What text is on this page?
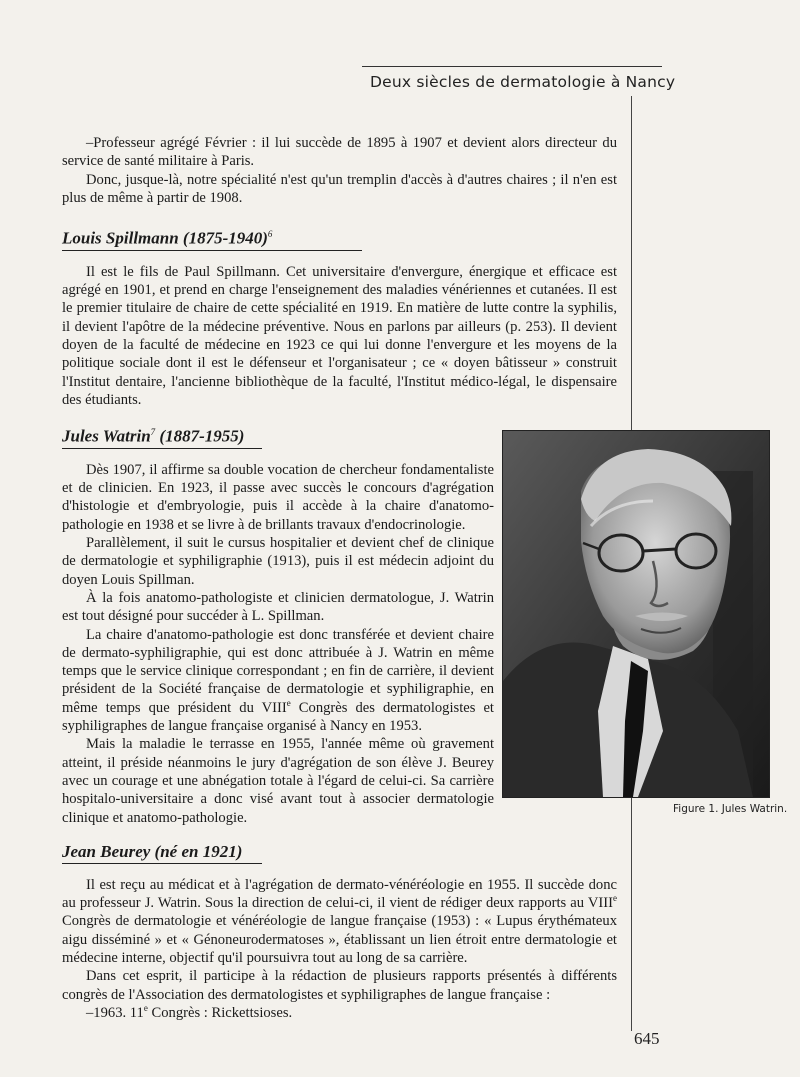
Deux siècles de dermatologie à Nancy

–Professeur agrégé Février : il lui succède de 1895 à 1907 et devient alors directeur du service de santé militaire à Paris.

Donc, jusque-là, notre spécialité n'est qu'un tremplin d'accès à d'autres chaires ; il n'en est plus de même à partir de 1908.

Louis Spillmann (1875-1940)$^6$

Il est le fils de Paul Spillmann. Cet universitaire d'envergure, énergique et efficace est agrégé en 1901, et prend en charge l'enseignement des maladies vénériennes et cutanées. Il est le premier titulaire de chaire de cette spécialité en 1919. En matière de lutte contre la syphilis, il devient l'apôtre de la médecine préventive. Nous en parlons par ailleurs (p. 253). Il devient doyen de la faculté de médecine en 1923 ce qui lui donne l'envergure et les moyens de la politique sociale dont il est le défenseur et l'organisateur ; ce « doyen bâtisseur » construit l'Institut dentaire, l'ancienne bibliothèque de la faculté, l'Institut médico-légal, le dispensaire des étudiants.

Jules Watrin$^7$ (1887-1955)

Dès 1907, il affirme sa double vocation de chercheur fondamentaliste et de clinicien. En 1923, il passe avec succès le concours d'agrégation d'histologie et d'embryologie, puis il accède à la chaire d'anatomo-pathologie en 1938 et se livre à de brillants travaux d'endocrinologie.

Parallèlement, il suit le cursus hospitalier et devient chef de clinique de dermatologie et syphiligraphie (1913), puis il est médecin adjoint du doyen Louis Spillman.

À la fois anatomo-pathologiste et clinicien dermatologue, J. Watrin est tout désigné pour succéder à L. Spillman.

La chaire d'anatomo-pathologie est donc transférée et devient chaire de dermato-syphiligraphie, qui est donc attribuée à J. Watrin en même temps que le service clinique correspondant ; en fin de carrière, il devient président de la Société française de dermatologie et syphiligraphie, en même temps que président du VIIIe Congrès des dermatologistes et syphiligraphes de langue française organisé à Nancy en 1953.

Mais la maladie le terrasse en 1955, l'année même où gravement atteint, il préside néanmoins le jury d'agrégation de son élève J. Beurey avec un courage et une abnégation totale à l'égard de celui-ci. Sa carrière hospitalo-universitaire a donc visé avant tout à associer dermatologie clinique et anatomo-pathologie.

Jean Beurey (né en 1921)

Il est reçu au médicat et à l'agrégation de dermato-vénéréologie en 1955. Il succède donc au professeur J. Watrin. Sous la direction de celui-ci, il vient de rédiger deux rapports au VIIIe Congrès de dermatologie et vénéréologie de langue française (1953) : « Lupus érythémateux aigu disséminé » et « Génoneurodermatoses », établissant un lien étroit entre dermatologie et médecine interne, objectif qu'il poursuivra tout au long de sa carrière.

Dans cet esprit, il participe à la rédaction de plusieurs rapports présentés à différents congrès de l'Association des dermatologistes et syphiligraphes de langue française :

–1963. 11e Congrès : Rickettsioses.

Figure 1. Jules Watrin.
645
